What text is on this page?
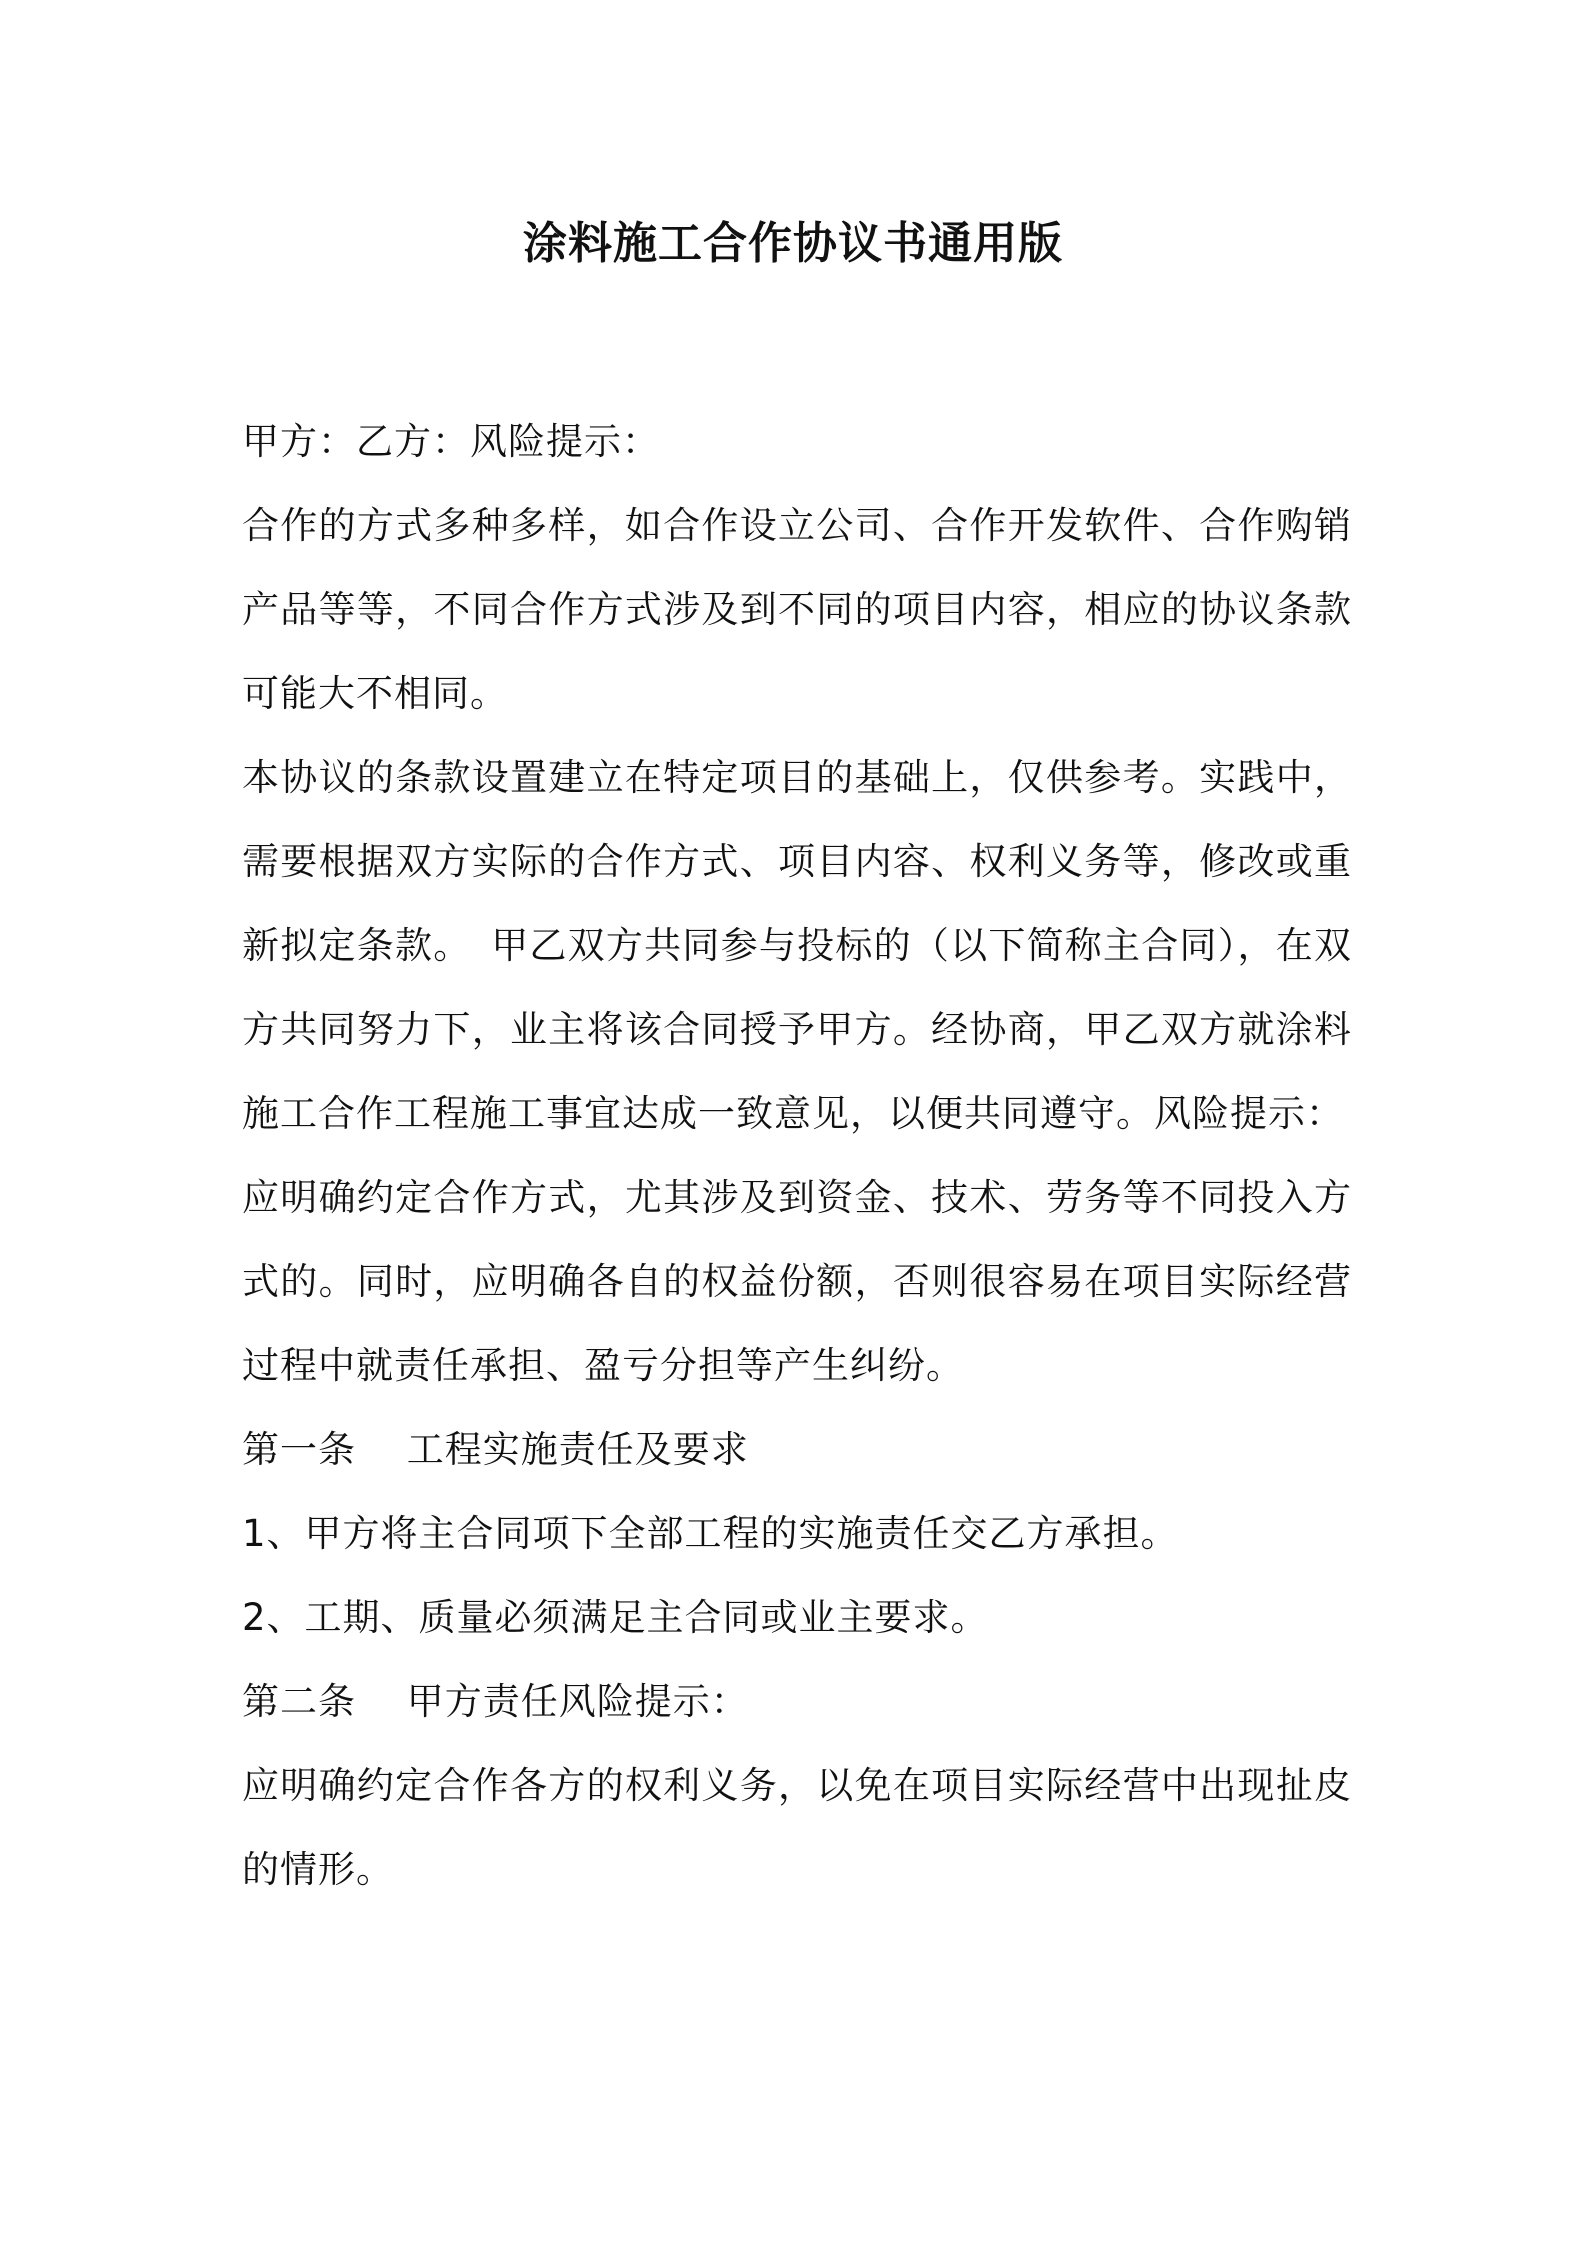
涂料施工合作协议书通用版

甲方：乙方：风险提示：

合作的方式多种多样，如合作设立公司、合作开发软件、合作购销产品等等，不同合作方式涉及到不同的项目内容，相应的协议条款可能大不相同。

本协议的条款设置建立在特定项目的基础上，仅供参考。实践中，需要根据双方实际的合作方式、项目内容、权利义务等，修改或重新拟定条款。　甲乙双方共同参与投标的（以下简称主合同），在双方共同努力下，业主将该合同授予甲方。经协商，甲乙双方就涂料施工合作工程施工事宜达成一致意见，以便共同遵守。风险提示：

应明确约定合作方式，尤其涉及到资金、技术、劳务等不同投入方式的。同时，应明确各自的权益份额，否则很容易在项目实际经营过程中就责任承担、盈亏分担等产生纠纷。

第一条　 工程实施责任及要求

1、甲方将主合同项下全部工程的实施责任交乙方承担。

2、工期、质量必须满足主合同或业主要求。

第二条　 甲方责任风险提示：

应明确约定合作各方的权利义务，以免在项目实际经营中出现扯皮的情形。
